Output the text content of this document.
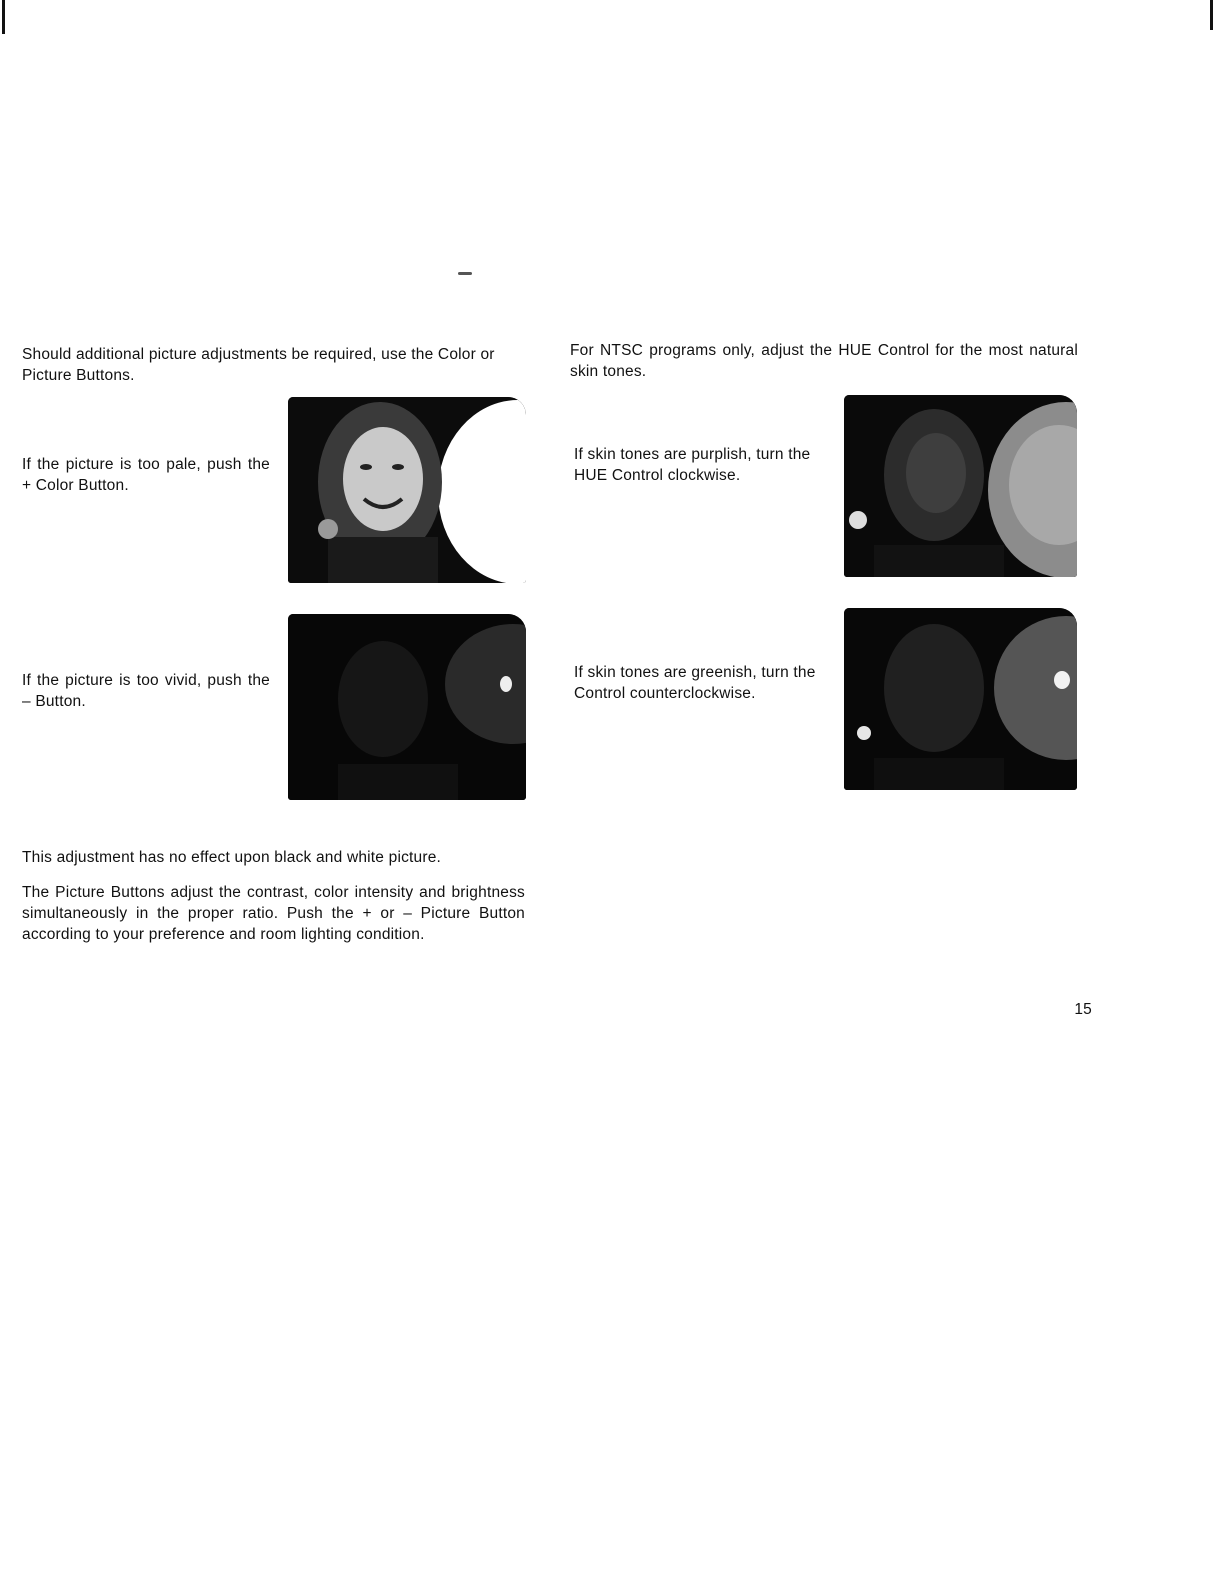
Should additional picture adjustments be required, use the Color or Picture Buttons.
If the picture is too pale, push the + Color Button.
If the picture is too vivid, push the – Button.
This adjustment has no effect upon black and white picture.
The Picture Buttons adjust the contrast, color intensity and brightness simultaneously in the proper ratio. Push the + or – Picture Button according to your preference and room lighting condition.
For NTSC programs only, adjust the HUE Control for the most natural skin tones.
If skin tones are purplish, turn the HUE Control clockwise.
If skin tones are greenish, turn the Control counterclockwise.
15
